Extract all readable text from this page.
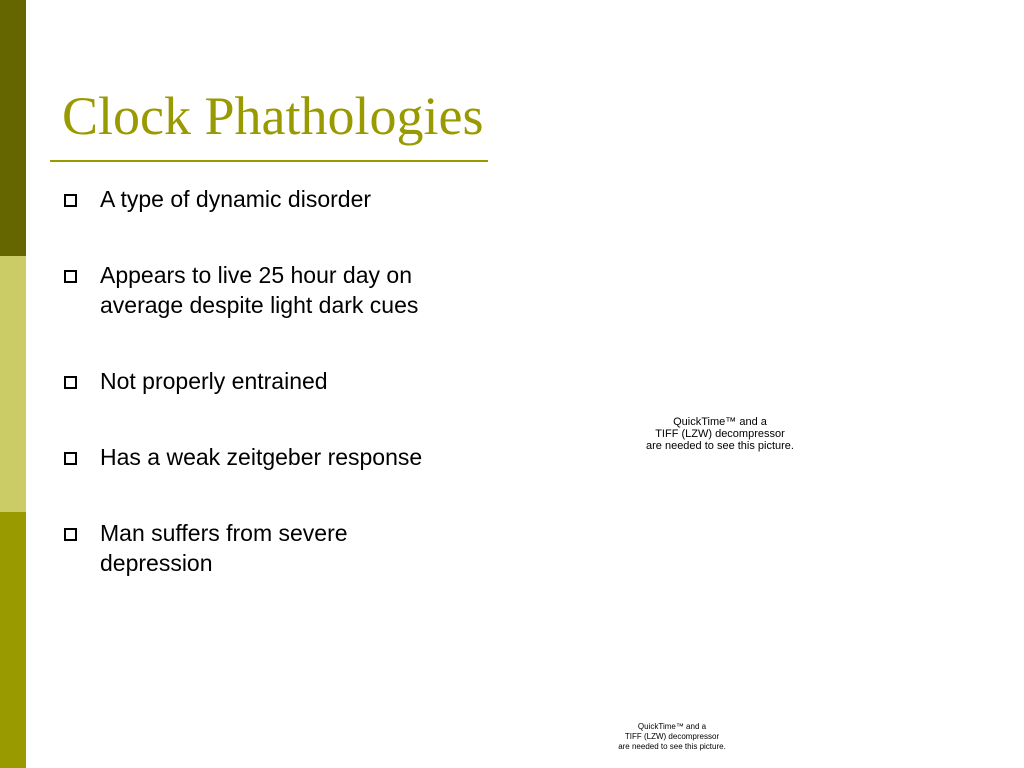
Clock Phathologies
A type of dynamic disorder
Appears to live 25 hour day on
average despite light dark cues
Not properly entrained
Has a weak zeitgeber response
Man suffers from severe
depression
QuickTime™ and a
TIFF (LZW) decompressor
are needed to see this picture.
QuickTime™ and a
TIFF (LZW) decompressor
are needed to see this picture.
